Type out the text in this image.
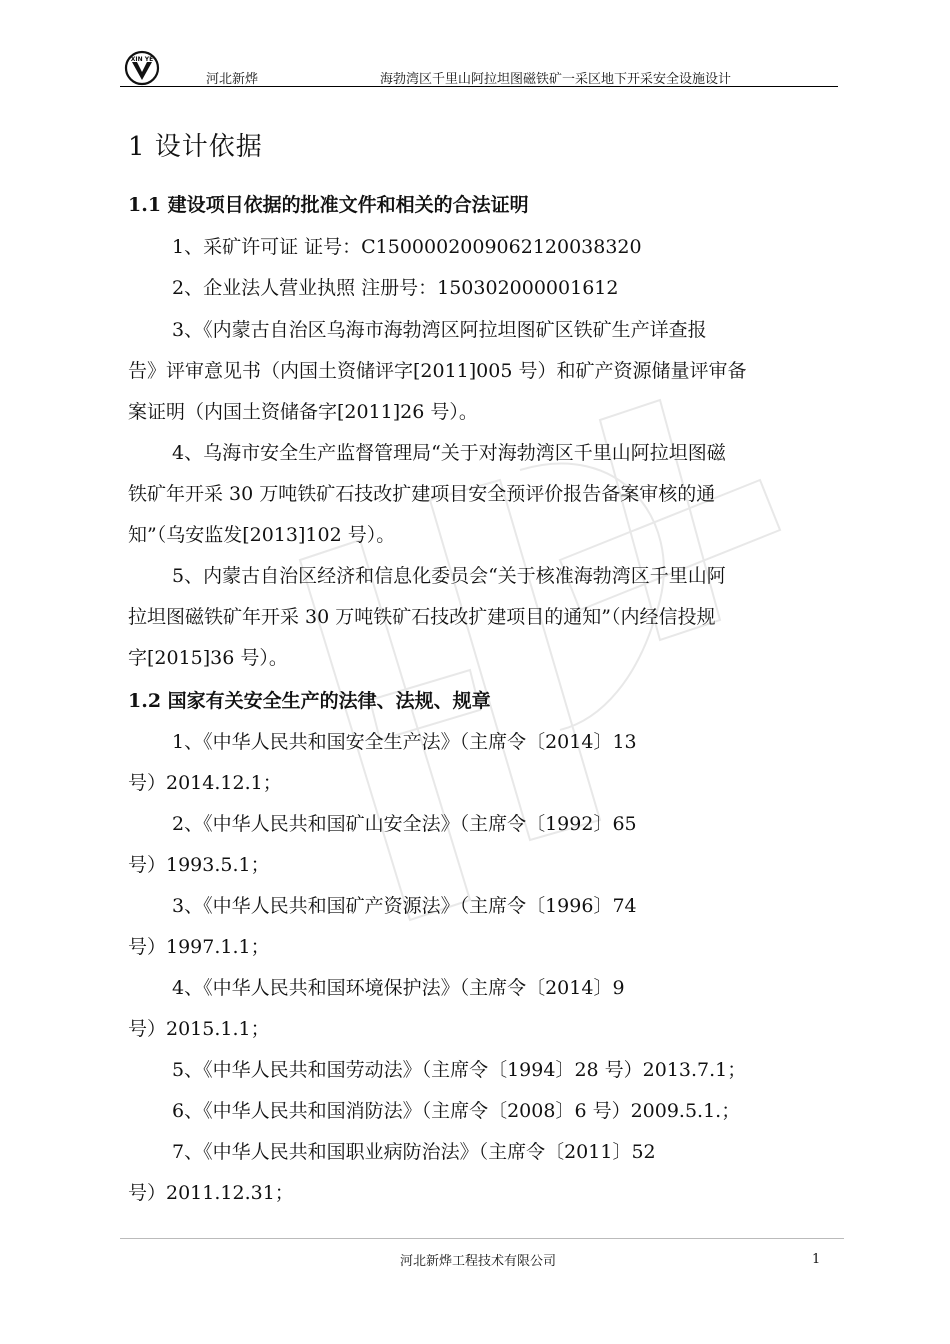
XIN YE
河北新烨	海勃湾区千里山阿拉坦图磁铁矿一采区地下开采安全设施设计
1 设计依据
1.1 建设项目依据的批准文件和相关的合法证明
1、采矿许可证 证号：C1500002009062120038320
2、企业法人营业执照 注册号：150302000001612
3、《内蒙古自治区乌海市海勃湾区阿拉坦图矿区铁矿生产详查报
告》评审意见书（内国土资储评字[2011]005 号）和矿产资源储量评审备
案证明（内国土资储备字[2011]26 号）。
4、乌海市安全生产监督管理局“关于对海勃湾区千里山阿拉坦图磁
铁矿年开采 30 万吨铁矿石技改扩建项目安全预评价报告备案审核的通
知”（乌安监发[2013]102 号）。
5、内蒙古自治区经济和信息化委员会“关于核准海勃湾区千里山阿
拉坦图磁铁矿年开采 30 万吨铁矿石技改扩建项目的通知”（内经信投规
字[2015]36 号）。
1.2 国家有关安全生产的法律、法规、规章
1、《中华人民共和国安全生产法》（主席令〔2014〕13
号）2014.12.1；
2、《中华人民共和国矿山安全法》（主席令〔1992〕65
号）1993.5.1；
3、《中华人民共和国矿产资源法》（主席令〔1996〕74
号）1997.1.1；
4、《中华人民共和国环境保护法》（主席令〔2014〕9
号）2015.1.1；
5、《中华人民共和国劳动法》（主席令〔1994〕28 号）2013.7.1；
6、《中华人民共和国消防法》（主席令〔2008〕6 号）2009.5.1.；
7、《中华人民共和国职业病防治法》（主席令〔2011〕52
号）2011.12.31；
河北新烨工程技术有限公司	1
